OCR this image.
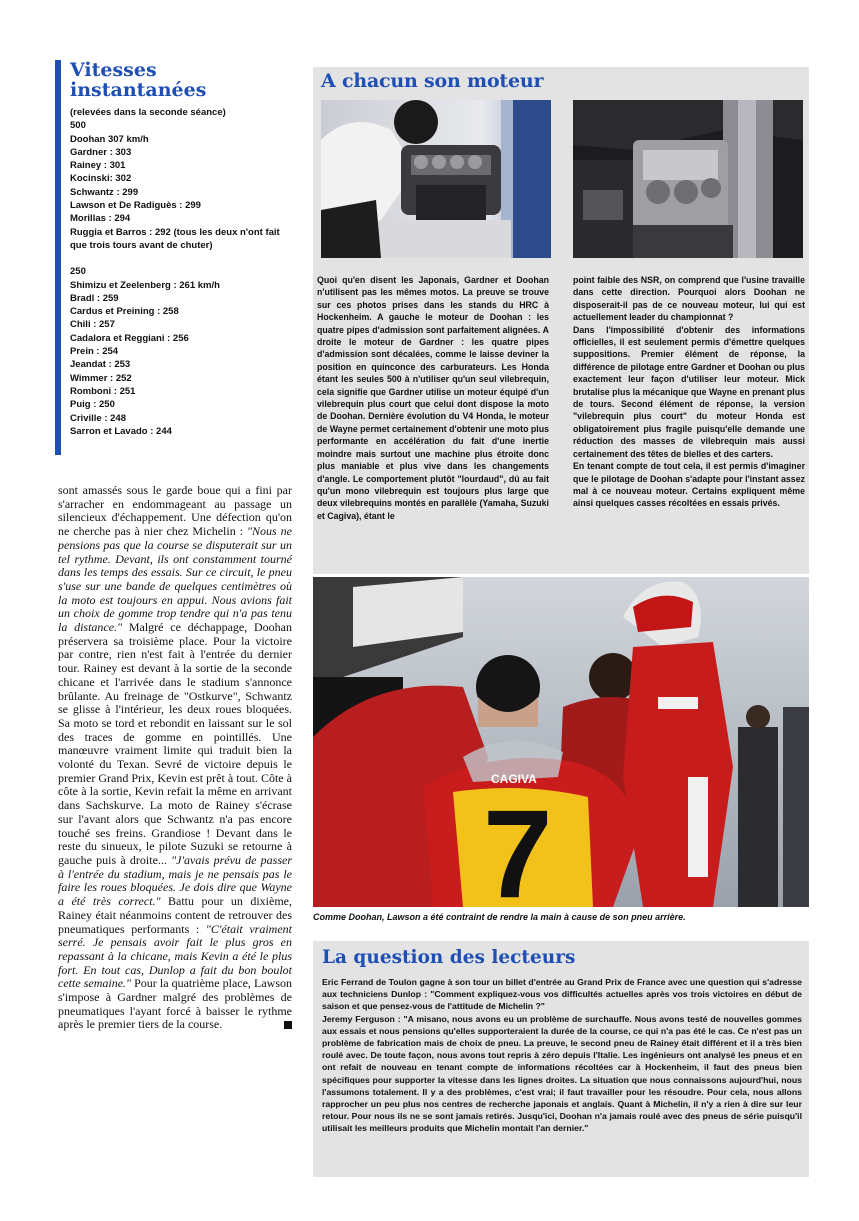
Vitesses
instantanées
(relevées dans la seconde séance)
500
Doohan 307 km/h
Gardner : 303
Rainey : 301
Kocinski: 302
Schwantz : 299
Lawson et De Radiguès : 299
Morillas : 294
Ruggia et Barros : 292 (tous les deux n'ont fait
que trois tours avant de chuter)
250
Shimizu et Zeelenberg : 261 km/h
Bradl : 259
Cardus et Preining : 258
Chili : 257
Cadalora et Reggiani : 256
Prein : 254
Jeandat : 253
Wimmer : 252
Romboni : 251
Puig : 250
Criville : 248
Sarron et Lavado : 244
A chacun son moteur

Quoi qu'en disent les Japonais, Gardner et Doohan n'utilisent pas les mêmes motos. La preuve se trouve sur ces photos prises dans les stands du HRC à Hockenheim. A gauche le moteur de Doohan : les quatre pipes d'admission sont parfaitement alignées. A droite le moteur de Gardner : les quatre pipes d'admission sont décalées, comme le laisse deviner la position en quinconce des carburateurs. Les Honda étant les seules 500 à n'utiliser qu'un seul vilebrequin, cela signifie que Gardner utilise un moteur équipé d'un vilebrequin plus court que celui dont dispose la moto de Doohan. Dernière évolution du V4 Honda, le moteur de Wayne permet certainement d'obtenir une moto plus performante en accélération du fait d'une inertie moindre mais surtout une machine plus étroite donc plus maniable et plus vive dans les changements d'angle. Le comportement plutôt "lourdaud", dû au fait qu'un mono vilebrequin est toujours plus large que deux vilebrequins montés en parallèle (Yamaha, Suzuki et Cagiva), étant le

point faible des NSR, on comprend que l'usine travaille dans cette direction. Pourquoi alors Doohan ne disposerait-il pas de ce nouveau moteur, lui qui est actuellement leader du championnat ?

Dans l'impossibilité d'obtenir des informations officielles, il est seulement permis d'émettre quelques suppositions. Premier élément de réponse, la différence de pilotage entre Gardner et Doohan ou plus exactement leur façon d'utiliser leur moteur. Mick brutalise plus la mécanique que Wayne en prenant plus de tours. Second élément de réponse, la version "vilebrequin plus court" du moteur Honda est obligatoirement plus fragile puisqu'elle demande une réduction des masses de vilebrequin mais aussi certainement des têtes de bielles et des carters.

En tenant compte de tout cela, il est permis d'imaginer que le pilotage de Doohan s'adapte pour l'instant assez mal à ce nouveau moteur. Certains expliquent même ainsi quelques casses récoltées en essais privés.

sont amassés sous le garde boue qui a fini par s'arracher en endommageant au passage un silencieux d'échappement. Une défection qu'on ne cherche pas à nier chez Michelin : "Nous ne pensions pas que la course se disputerait sur un tel rythme. Devant, ils ont constamment tourné dans les temps des essais. Sur ce circuit, le pneu s'use sur une bande de quelques centimètres où la moto est toujours en appui. Nous avions fait un choix de gomme trop tendre qui n'a pas tenu la distance." Malgré ce déchappage, Doohan préservera sa troisième place. Pour la victoire par contre, rien n'est fait à l'entrée du dernier tour. Rainey est devant à la sortie de la seconde chicane et l'arrivée dans le stadium s'annonce brûlante. Au freinage de "Ostkurve", Schwantz se glisse à l'intérieur, les deux roues bloquées. Sa moto se tord et rebondit en laissant sur le sol des traces de gomme en pointillés. Une manœuvre vraiment limite qui traduit bien la volonté du Texan. Sevré de victoire depuis le premier Grand Prix, Kevin est prêt à tout. Côte à côte à la sortie, Kevin refait la même en arrivant dans Sachskurve. La moto de Rainey s'écrase sur l'avant alors que Schwantz n'a pas encore touché ses freins. Grandiose ! Devant dans le reste du sinueux, le pilote Suzuki se retourne à gauche puis à droite... "J'avais prévu de passer à l'entrée du stadium, mais je ne pensais pas le faire les roues bloquées. Je dois dire que Wayne a été très correct." Battu pour un dixième, Rainey était néanmoins content de retrouver des pneumatiques performants : "C'était vraiment serré. Je pensais avoir fait le plus gros en repassant à la chicane, mais Kevin a été le plus fort. En tout cas, Dunlop a fait du bon boulot cette semaine." Pour la quatrième place, Lawson s'impose à Gardner malgré des problèmes de pneumatiques l'ayant forcé à baisser le rythme après le premier tiers de la course.

CAGIVA
7
Comme Doohan, Lawson a été contraint de rendre la main à cause de son pneu arrière.
La question des lecteurs

Eric Ferrand de Toulon gagne à son tour un billet d'entrée au Grand Prix de France avec une question qui s'adresse aux techniciens Dunlop : "Comment expliquez-vous vos difficultés actuelles après vos trois victoires en début de saison et que pensez-vous de l'attitude de Michelin ?"

Jeremy Ferguson : "A misano, nous avons eu un problème de surchauffe. Nous avons testé de nouvelles gommes aux essais et nous pensions qu'elles supporteraient la durée de la course, ce qui n'a pas été le cas. Ce n'est pas un problème de fabrication mais de choix de pneu. La preuve, le second pneu de Rainey était différent et il a très bien roulé avec. De toute façon, nous avons tout repris à zéro depuis l'Italie. Les ingénieurs ont analysé les pneus et en ont refait de nouveau en tenant compte de informations récoltées car à Hockenheim, il faut des pneus bien spécifiques pour supporter la vitesse dans les lignes droites. La situation que nous connaissons aujourd'hui, nous l'assumons totalement. Il y a des problèmes, c'est vrai; il faut travailler pour les résoudre. Pour cela, nous allons rapprocher un peu plus nos centres de recherche japonais et anglais. Quant à Michelin, il n'y a rien à dire sur leur retour. Pour nous ils ne se sont jamais retirés. Jusqu'ici, Doohan n'a jamais roulé avec des pneus de série puisqu'il utilisait les meilleurs produits que Michelin montait l'an dernier."
